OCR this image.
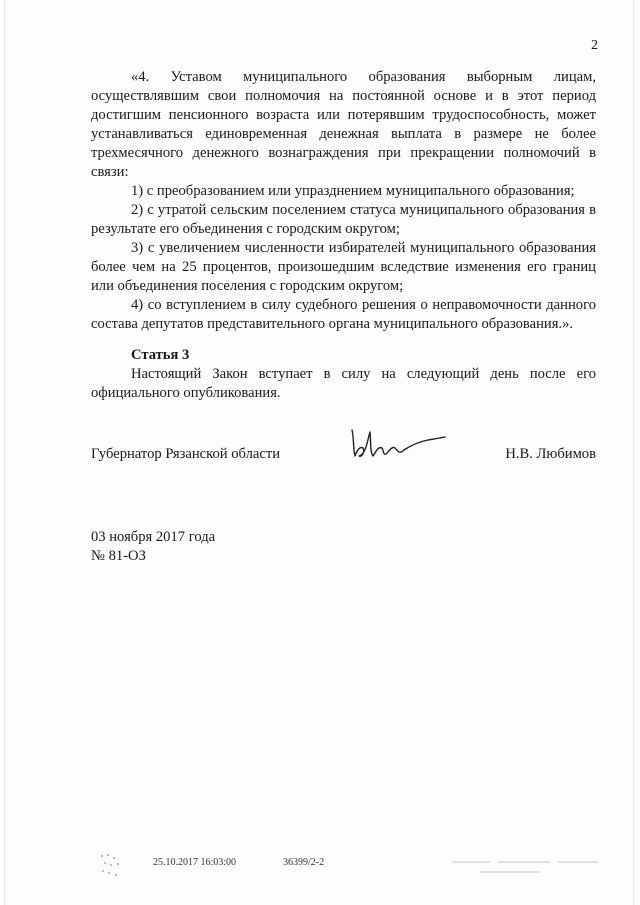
2

«4. Уставом муниципального образования выборным лицам, осуществлявшим свои полномочия на постоянной основе и в этот период достигшим пенсионного возраста или потерявшим трудоспособность, может устанавливаться единовременная денежная выплата в размере не более трехмесячного денежного вознаграждения при прекращении полномочий в связи:

1) с преобразованием или упразднением муниципального образования;

2) с утратой сельским поселением статуса муниципального образования в результате его объединения с городским округом;

3) с увеличением численности избирателей муниципального образования более чем на 25 процентов, произошедшим вследствие изменения его границ или объединения поселения с городским округом;

4) со вступлением в силу судебного решения о неправомочности данного состава депутатов представительного органа муниципального образования.».

Статья 3

Настоящий Закон вступает в силу на следующий день после его официального опубликования.

Губернатор Рязанской области	Н.В. Любимов
03 ноября 2017 года
№ 81-ОЗ
25.10.2017 16:03:00	36399/2-2
